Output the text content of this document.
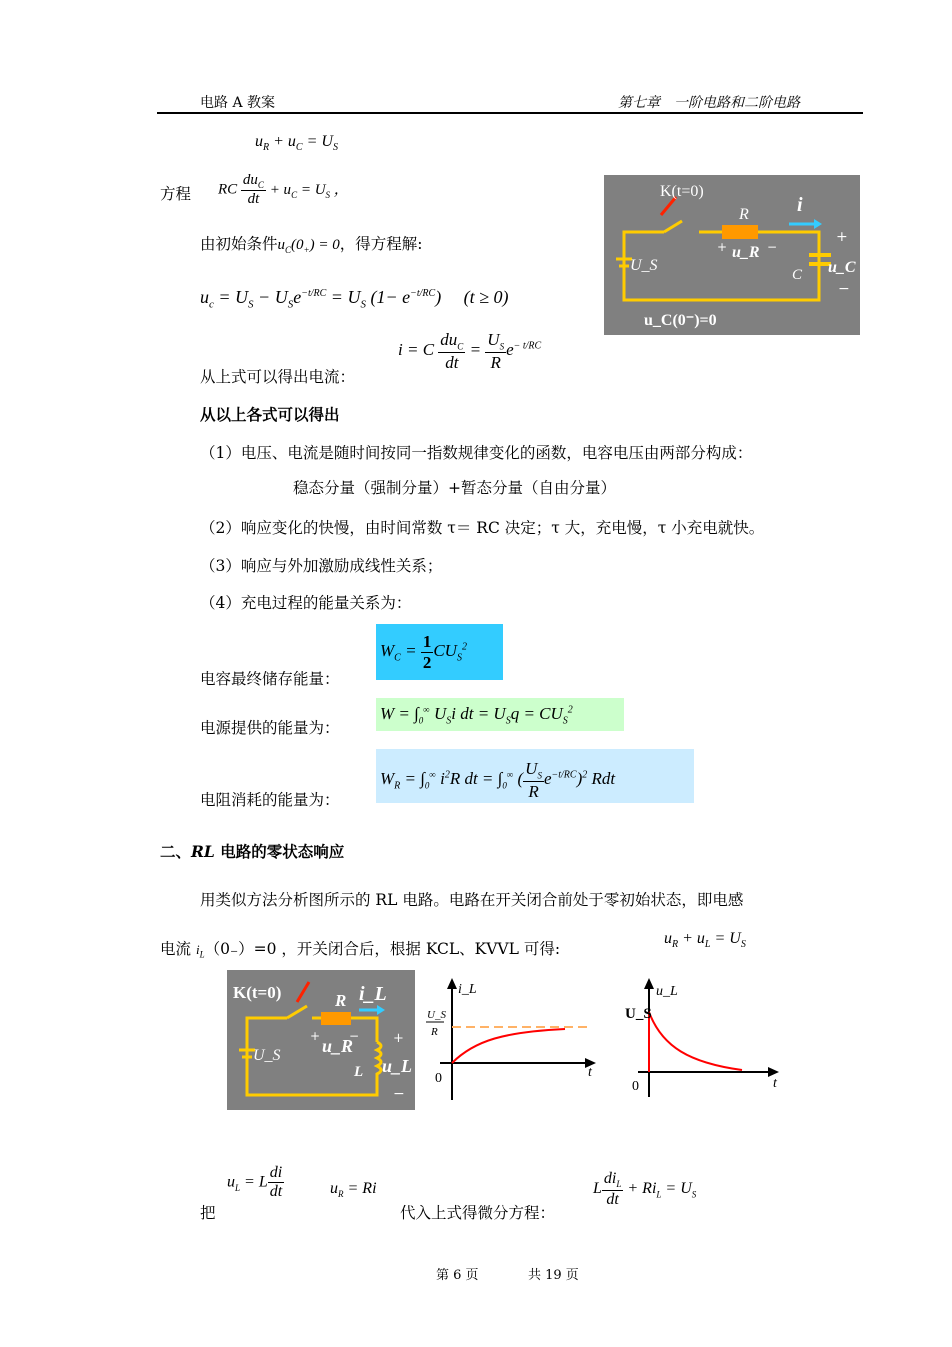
电路 A 教案	第七章　一阶电路和二阶电路
$u_R + u_C = U_S$
方程 RC $\frac{du_C}{dt} + u_C = U_S$ ，
由初始条件$u_C(0_+) = 0$，得方程解:
$u_c = U_S - U_Se^{-t/RC} = U_S$ $(1- e^{-t/RC})$　 (t ≥ 0)
i = C $\frac{du_C}{dt} = \frac{U_S}{R} e^{- t/RC}$
从上式可以得出电流：
K(t=0)
R i
+ u_R −
U_S
C
+
u_C
−
u_C(0⁻)=0
从以上各式可以得出
（1）电压、电流是随时间按同一指数规律变化的函数，电容电压由两部分构成：
稳态分量（强制分量）+暂态分量（自由分量）
（2）响应变化的快慢，由时间常数 τ＝ RC 决定；τ 大，充电慢，τ 小充电就快。
（3）响应与外加激励成线性关系；
（4）充电过程的能量关系为：
电容最终储存能量：
$W_C = \frac{1}{2} CU_S^2$
电源提供的能量为：
$W = \int_0^\infty$ $U_Si$ dt = $U_Sq = CU_S^2$
电阻消耗的能量为：
$W_R = \int_0^\infty$ $i^2R$ dt = $\int_0^\infty$ ( $\frac{U_S}{R} e^{-t/RC})^2$ Rdt
二、RL 电路的零状态响应
用类似方法分析图所示的 RL 电路。电路在开关闭合前处于零初始状态，即电感
电流 $i_L(0_-)=0$ ，开关闭合后，根据 KCL、KVVL 可得:
$u_R + u_L = U_S$
K(t=0)	R i_L
+ u_R
−
U_S
L
+
u_L
−
i_L
U_S
R
0	t
u_L
U_S
0	t
把
$u_L = L \frac{di}{dt}$	$u_R = Ri$
代入上式得微分方程：
L $\frac{di_L}{dt} + Ri_L = U_S$
第 6 页	共 19 页
